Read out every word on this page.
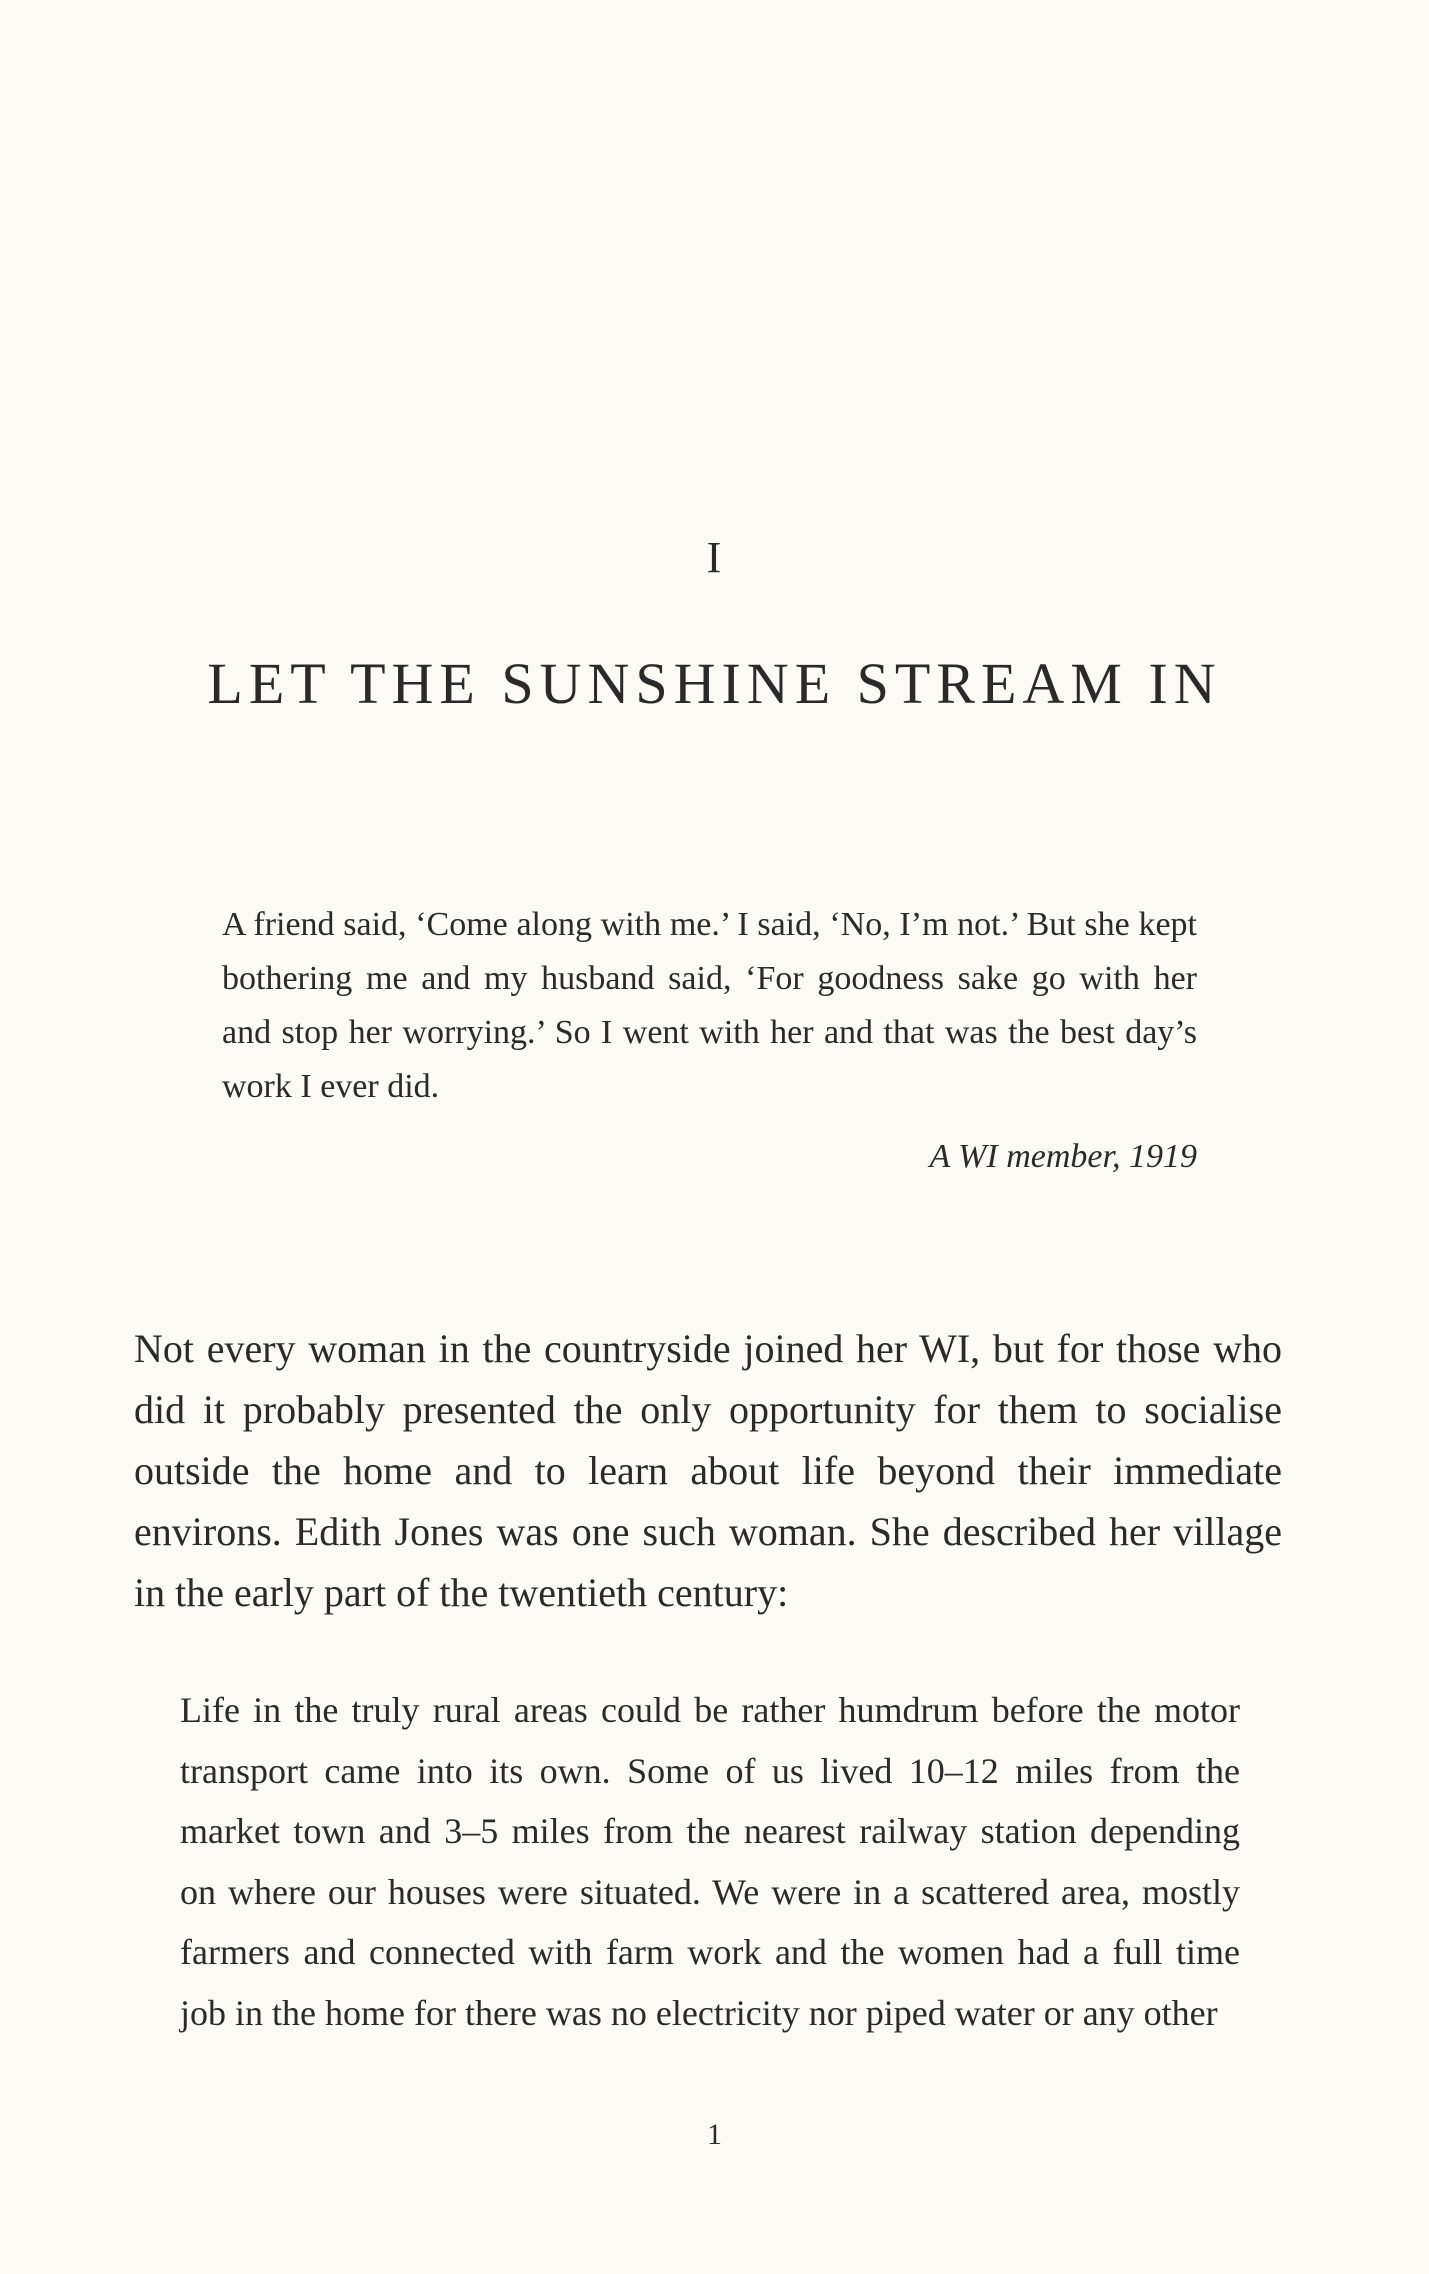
I
LET THE SUNSHINE STREAM IN

A friend said, ‘Come along with me.’ I said, ‘No, I’m not.’ But she kept bothering me and my husband said, ‘For goodness sake go with her and stop her worrying.’ So I went with her and that was the best day’s work I ever did.

A WI member, 1919

Not every woman in the countryside joined her WI, but for those who did it probably presented the only opportunity for them to socialise outside the home and to learn about life beyond their immediate environs. Edith Jones was one such woman. She described her village in the early part of the twentieth century:

Life in the truly rural areas could be rather humdrum before the motor transport came into its own. Some of us lived 10–12 miles from the market town and 3–5 miles from the nearest railway station depending on where our houses were situated. We were in a scattered area, mostly farmers and connected with farm work and the women had a full time job in the home for there was no electricity nor piped water or any other

1
